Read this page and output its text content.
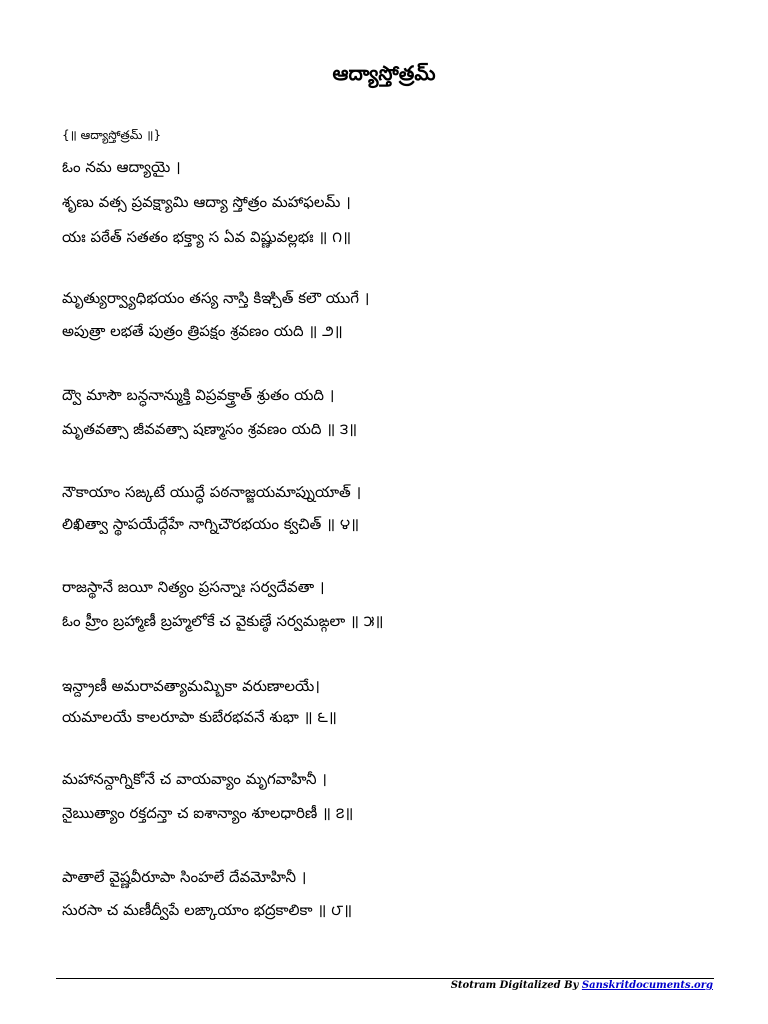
ఆద్యాస్తోత్రమ్
{॥ ఆద్యాస్తోత్రమ్ ॥}
ఓం నమ ఆద్యాయై ।
శృణు వత్స ప్రవక్ష్యామి ఆద్యా స్తోత్రం మహాఫలమ్ ।
యః పఠేత్ సతతం భక్త్యా స ఏవ విష్ణువల్లభః ॥ ౧॥
మృత్యుర్వ్యాధిభయం తస్య నాస్తి కిఞ్చిత్ కలౌ యుగే ।
అపుత్రా లభతే పుత్రం త్రిపక్షం శ్రవణం యది ॥ ౨॥
ద్వౌ మాసౌ బన్ధనాన్ముక్తి విప్రవక్త్రాత్ శ్రుతం యది ।
మృతవత్సా జీవవత్సా షణ్మాసం శ్రవణం యది ॥ ౩॥
నౌకాయాం సఙ్కటే యుద్ధే పఠనాజ్జయమాప్నుయాత్ ।
లిఖిత్వా స్థాపయేద్గేహే నాగ్నిచౌరభయం క్వచిత్ ॥ ౪॥
రాజస్థానే జయీ నిత్యం ప్రసన్నాః సర్వదేవతా ।
ఓం హ్రీం బ్రహ్మాణీ బ్రహ్మలోకే చ వైకుణ్ఠే సర్వమఙ్గలా ॥ ౫॥
ఇన్ద్రాణీ అమరావత్యామమ్బికా వరుణాలయే।
యమాలయే కాలరూపా కుబేరభవనే శుభా ॥ ౬॥
మహానన్దాగ్నికోనే చ వాయవ్యాం మృగవాహినీ ।
నైఋత్యాం రక్తదన్తా చ ఐశాన్యాం శూలధారిణీ ॥ ౭॥
పాతాలే వైష్ణవీరూపా సింహలే దేవమోహినీ ।
సురసా చ మణీద్వీపే లఙ్కాయాం భద్రకాలికా ॥ ౮॥
Stotram Digitalized By Sanskritdocuments.org
